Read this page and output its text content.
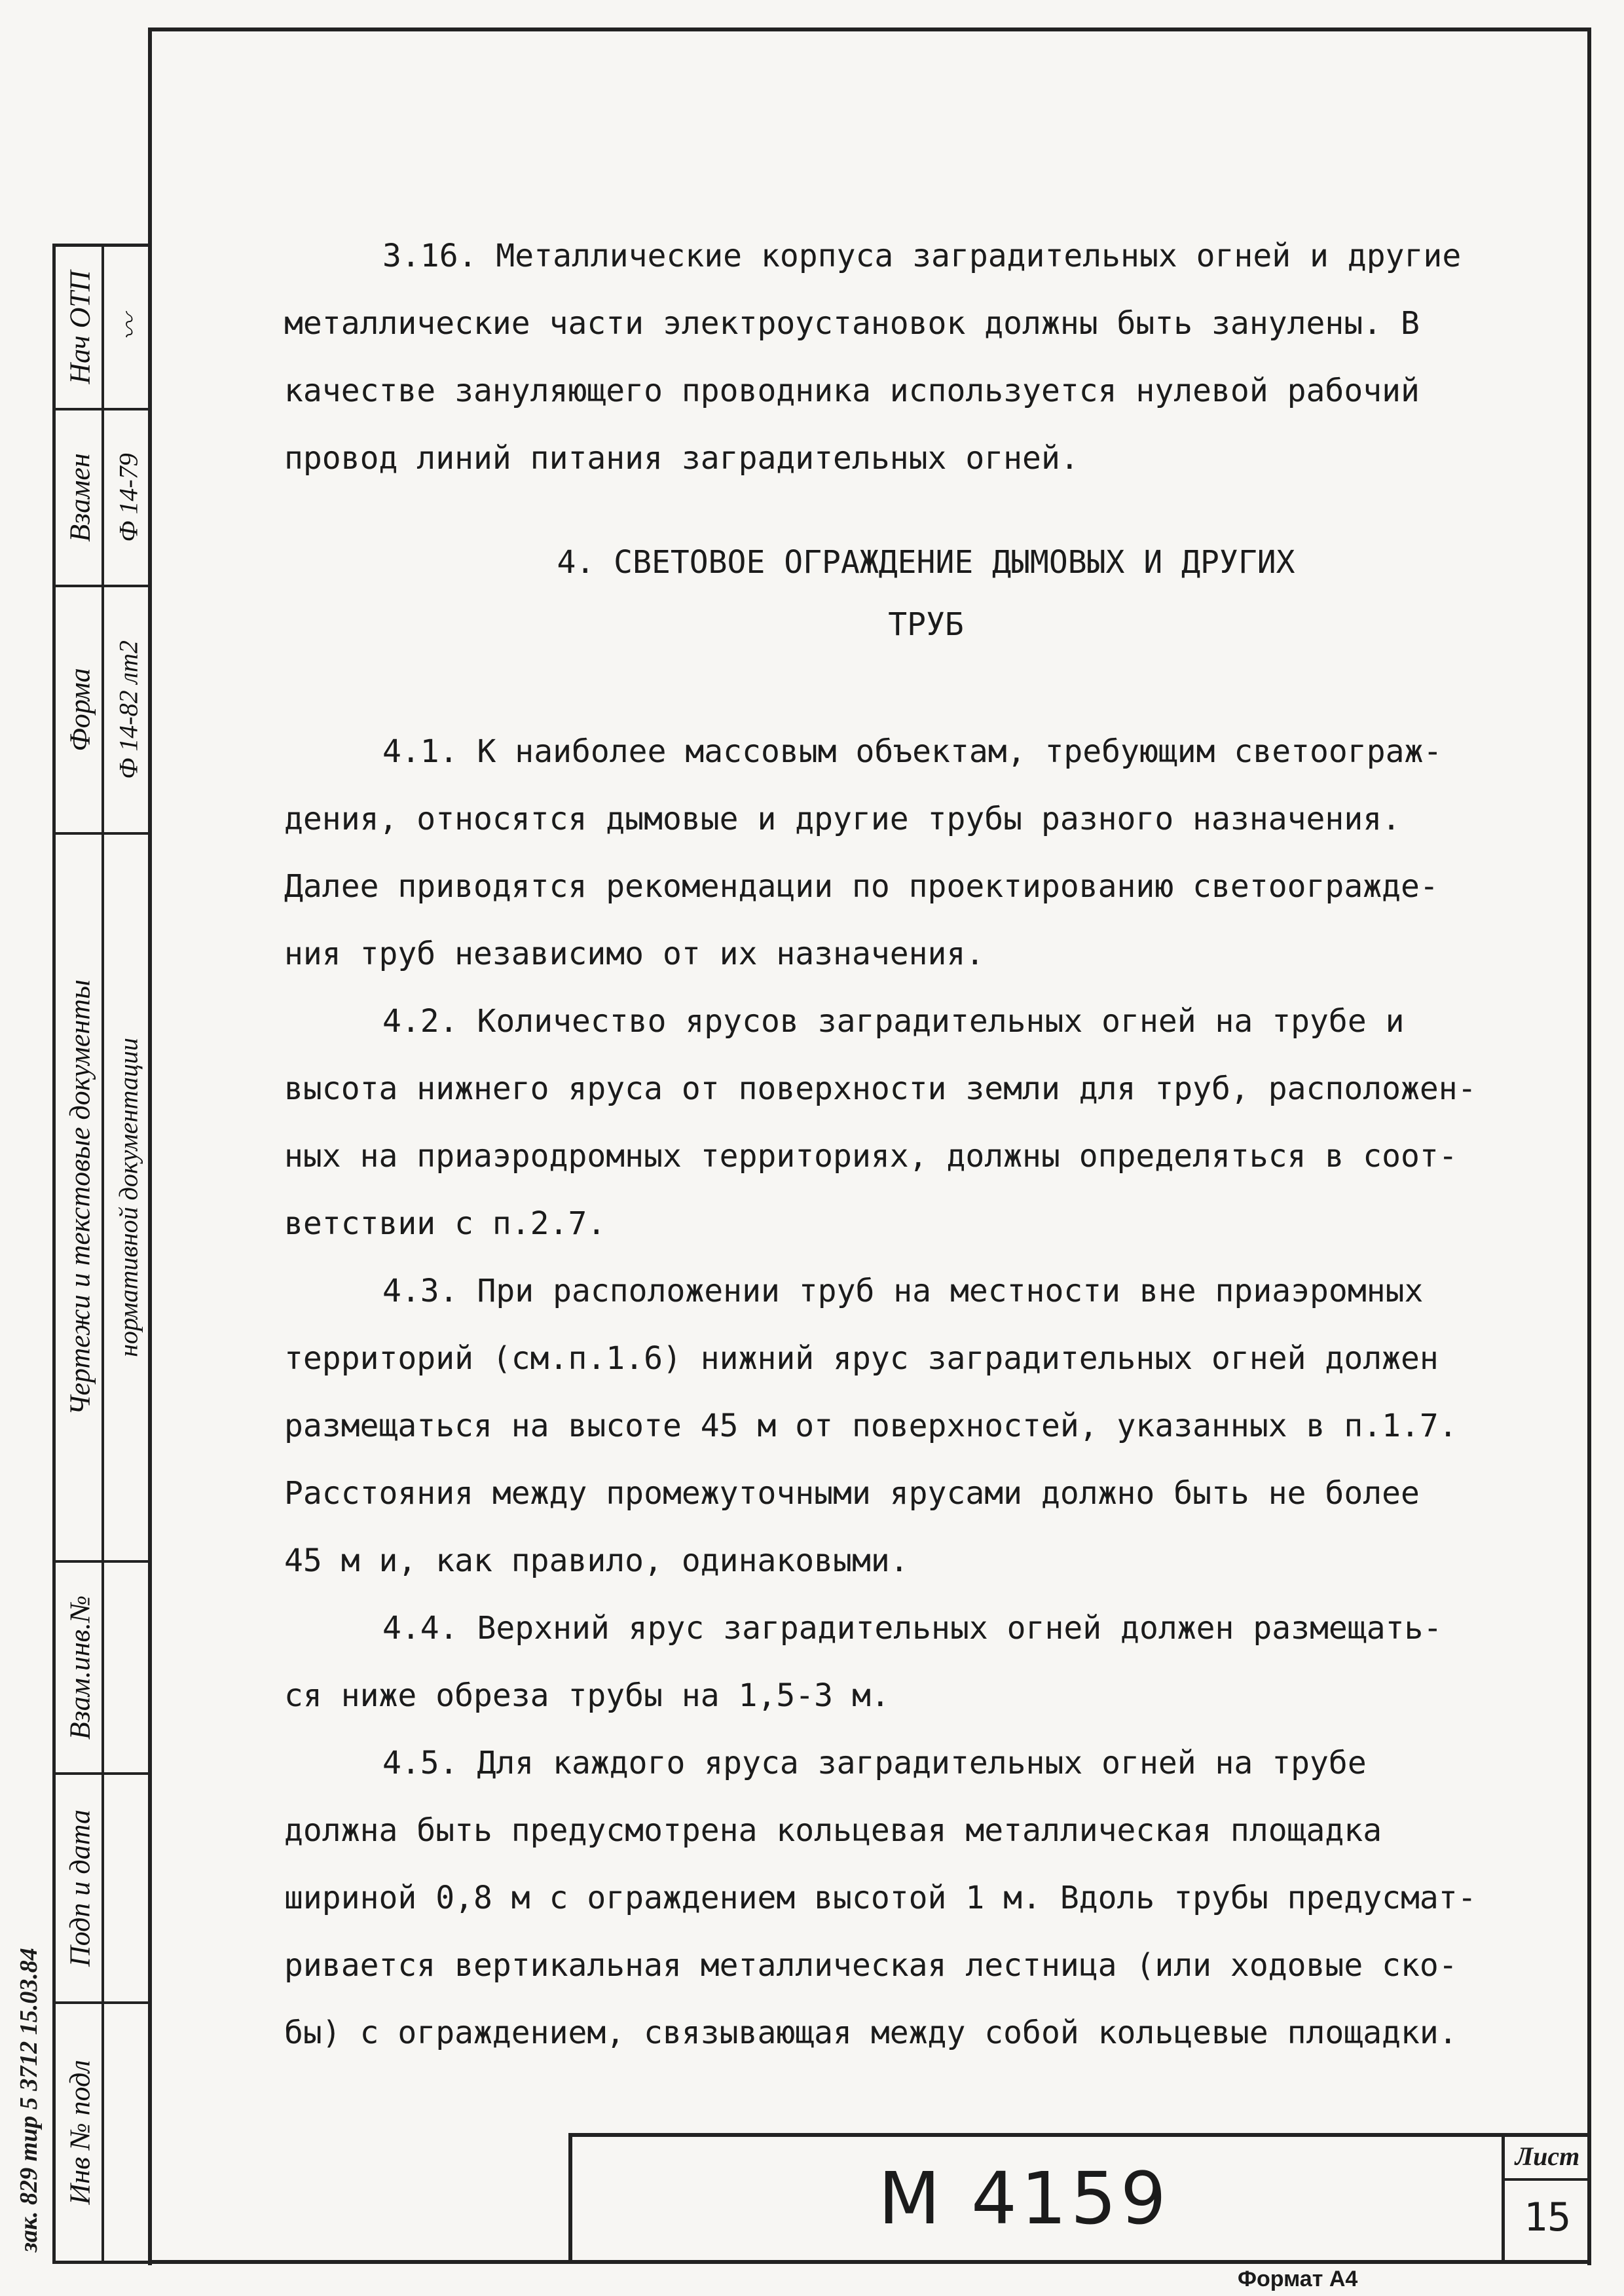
Нач ОТП 〰︎
Взамен Ф 14-79
Форма Ф 14-82 лт2
Чертежи и текстовые документы нормативной документации
Взам.инв.№
Подп и дата
Инв № подл
зак. 829 тир 5 3712 15.03.84

3.16. Металлические корпуса заградительных огней и другие
металлические части электроустановок должны быть занулены. В
качестве зануляющего проводника используется нулевой рабочий
провод линий питания заградительных огней.

4. СВЕТОВОЕ ОГРАЖДЕНИЕ ДЫМОВЫХ И ДРУГИХ
ТРУБ

4.1. К наиболее массовым объектам, требующим светоограж-
дения, относятся дымовые и другие трубы разного назначения.
Далее приводятся рекомендации по проектированию светоогражде-
ния труб независимо от их назначения.

4.2. Количество ярусов заградительных огней на трубе и
высота нижнего яруса от поверхности земли для труб, расположен-
ных на приаэродромных территориях, должны определяться в соот-
ветствии с п.2.7.

4.3. При расположении труб на местности вне приаэромных
территорий (см.п.1.6) нижний ярус заградительных огней должен
размещаться на высоте 45 м от поверхностей, указанных в п.1.7.
Расстояния между промежуточными ярусами должно быть не более
45 м и, как правило, одинаковыми.

4.4. Верхний ярус заградительных огней должен размещать-
ся ниже обреза трубы на 1,5-3 м.

4.5. Для каждого яруса заградительных огней на трубе
должна быть предусмотрена кольцевая металлическая площадка
шириной 0,8 м с ограждением высотой 1 м. Вдоль трубы предусмат-
ривается вертикальная металлическая лестница (или ходовые ско-
бы) с ограждением, связывающая между собой кольцевые площадки.

М 4159
Лист
15
Формат А4
